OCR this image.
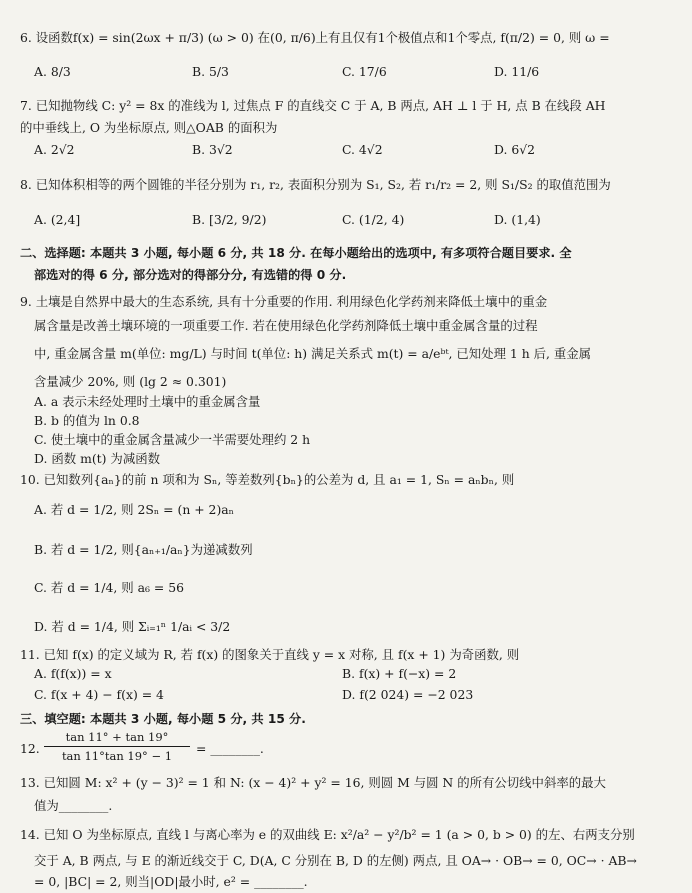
6. 设函数f(x) = sin(2ωx + π/3) (ω > 0) 在(0, π/6)上有且仅有1个极值点和1个零点, f(π/2) = 0, 则 ω =
A. 8/3	B. 5/3	C. 17/6	D. 11/6
7. 已知抛物线 C: y² = 8x 的准线为 l, 过焦点 F 的直线交 C 于 A, B 两点, AH ⊥ l 于 H, 点 B 在线段 AH
的中垂线上, O 为坐标原点, 则△OAB 的面积为
A. 2√2	B. 3√2	C. 4√2	D. 6√2
8. 已知体积相等的两个圆锥的半径分别为 r₁, r₂, 表面积分别为 S₁, S₂, 若 r₁/r₂ = 2, 则 S₁/S₂ 的取值范围为
A. (2,4]	B. [3/2, 9/2)	C. (1/2, 4)	D. (1,4)
二、选择题: 本题共 3 小题, 每小题 6 分, 共 18 分. 在每小题给出的选项中, 有多项符合题目要求. 全
部选对的得 6 分, 部分选对的得部分分, 有选错的得 0 分.
9. 土壤是自然界中最大的生态系统, 具有十分重要的作用. 利用绿色化学药剂来降低土壤中的重金
属含量是改善土壤环境的一项重要工作. 若在使用绿色化学药剂降低土壤中重金属含量的过程
中, 重金属含量 m(单位: mg/L) 与时间 t(单位: h) 满足关系式 m(t) = a/eᵇᵗ, 已知处理 1 h 后, 重金属
含量减少 20%, 则 (lg 2 ≈ 0.301)
A. a 表示未经处理时土壤中的重金属含量
B. b 的值为 ln 0.8
C. 使土壤中的重金属含量减少一半需要处理约 2 h
D. 函数 m(t) 为减函数
10. 已知数列{aₙ}的前 n 项和为 Sₙ, 等差数列{bₙ}的公差为 d, 且 a₁ = 1, Sₙ = aₙbₙ, 则
A. 若 d = 1/2, 则 2Sₙ = (n + 2)aₙ
B. 若 d = 1/2, 则{aₙ₊₁/aₙ}为递减数列
C. 若 d = 1/4, 则 a₆ = 56
D. 若 d = 1/4, 则 Σᵢ₌₁ⁿ 1/aᵢ < 3/2
11. 已知 f(x) 的定义域为 R, 若 f(x) 的图象关于直线 y = x 对称, 且 f(x + 1) 为奇函数, 则
A. f(f(x)) = x	B. f(x) + f(−x) = 2
C. f(x + 4) − f(x) = 4	D. f(2 024) = −2 023
三、填空题: 本题共 3 小题, 每小题 5 分, 共 15 分.
12.
tan 11° + tan 19°
tan 11°tan 19° − 1	= ________.
13. 已知圆 M: x² + (y − 3)² = 1 和 N: (x − 4)² + y² = 16, 则圆 M 与圆 N 的所有公切线中斜率的最大
值为________.
14. 已知 O 为坐标原点, 直线 l 与离心率为 e 的双曲线 E: x²/a² − y²/b² = 1 (a > 0, b > 0) 的左、右两支分别
交于 A, B 两点, 与 E 的渐近线交于 C, D(A, C 分别在 B, D 的左侧) 两点, 且 OA→ · OB→ = 0, OC→ · AB→
= 0, |BC| = 2, 则当|OD|最小时, e² = ________.
